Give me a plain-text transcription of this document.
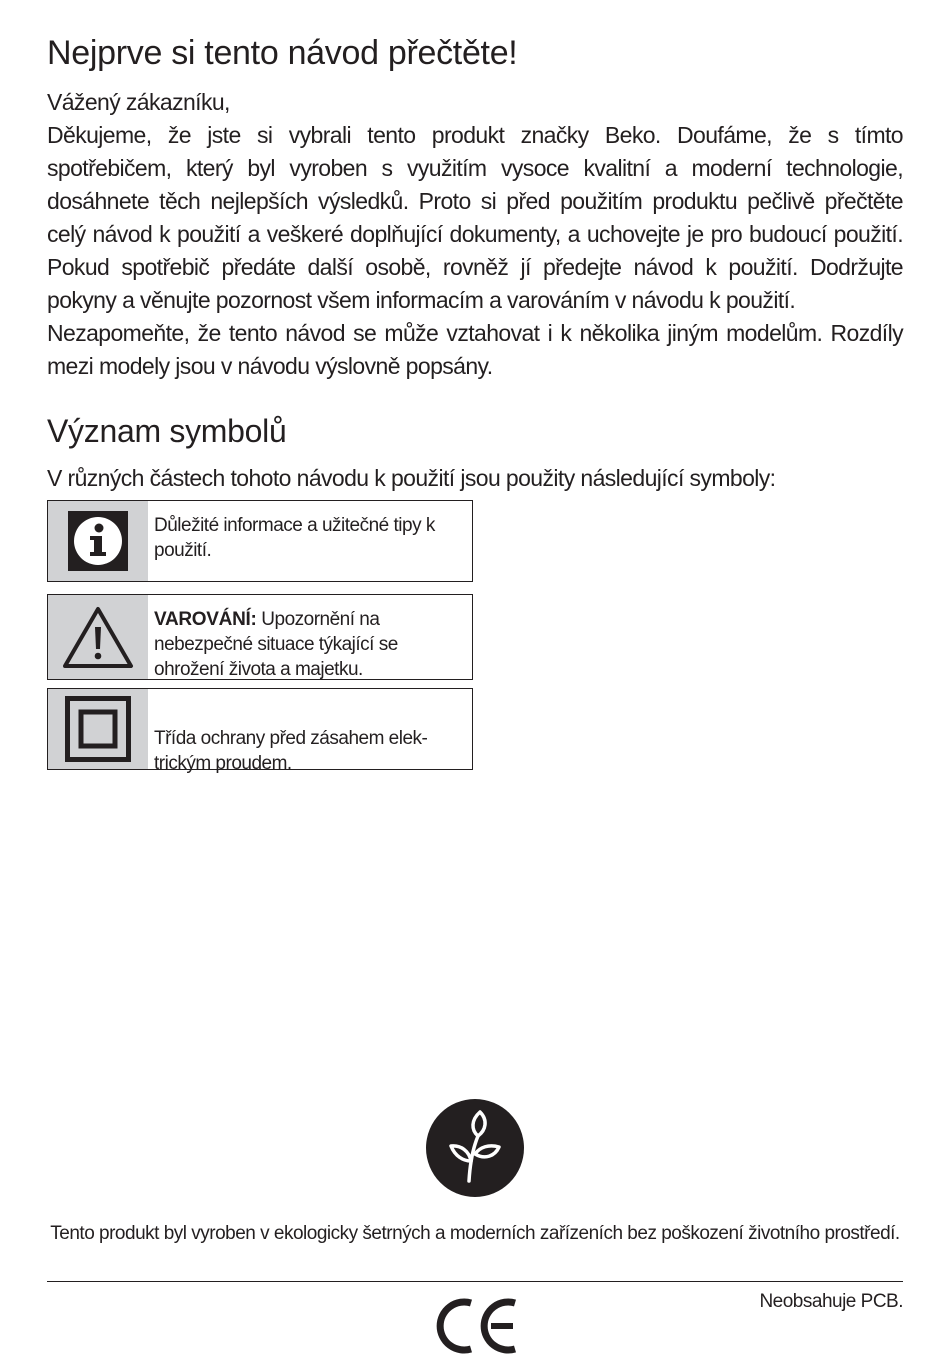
Nejprve si tento návod přečtěte!

Vážený zákazníku,

Děkujeme, že jste si vybrali tento produkt značky Beko. Doufáme, že s tímto spotřebičem, který byl vyroben s využitím vysoce kvalitní a moderní technologie, dosáhnete těch nejlepších výsledků. Proto si před použitím produktu pečlivě přečtěte celý návod k použití a veškeré doplňující dokumenty, a uchovejte je pro budoucí použití. Pokud spotřebič předáte další osobě, rovněž jí předejte návod k použití. Dodržujte pokyny a věnujte pozornost všem informacím a varováním v návodu k použití.

Nezapomeňte, že tento návod se může vztahovat i k několika jiným modelům. Rozdíly mezi modely jsou v návodu výslovně popsány.

Význam symbolů

V různých částech tohoto návodu k použití jsou použity následující symboly:

Důležité informace a užitečné tipy k použití.
VAROVÁNÍ: Upozornění na nebezpečné situace týkající se ohrožení života a majetku.

Třída ochrany před zásahem elek-
trickým proudem.

Tento produkt byl vyroben v ekologicky šetrných a moderních zařízeních bez poškození životního prostředí.

Neobsahuje PCB.
